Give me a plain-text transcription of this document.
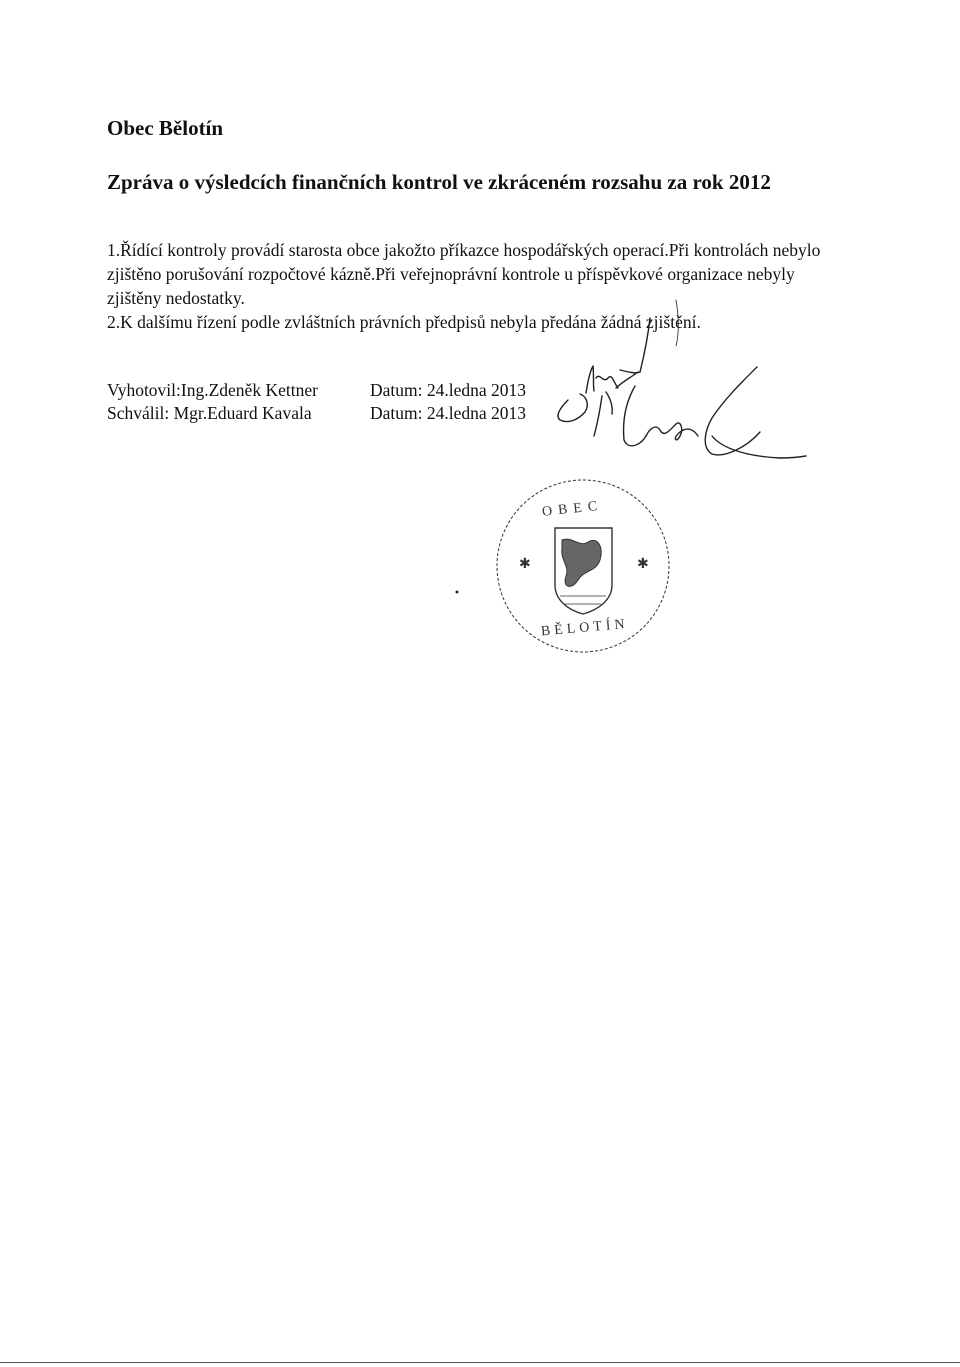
Obec Bělotín
Zpráva o výsledcích finančních kontrol ve zkráceném rozsahu za rok 2012

1.Řídící kontroly provádí starosta obce jakožto příkazce hospodářských operací.Při kontrolách nebylo zjištěno porušování rozpočtové kázně.Při veřejnoprávní kontrole u příspěvkové organizace nebyly zjištěny nedostatky.

2.K dalšímu řízení podle zvláštních právních předpisů nebyla předána žádná zjištění.

Vyhotovil:Ing.Zdeněk Kettner	Datum: 24.ledna 2013
Schválil: Mgr.Eduard Kavala	Datum: 24.ledna 2013
✱	✱
OBEC
BĚLOTÍN
